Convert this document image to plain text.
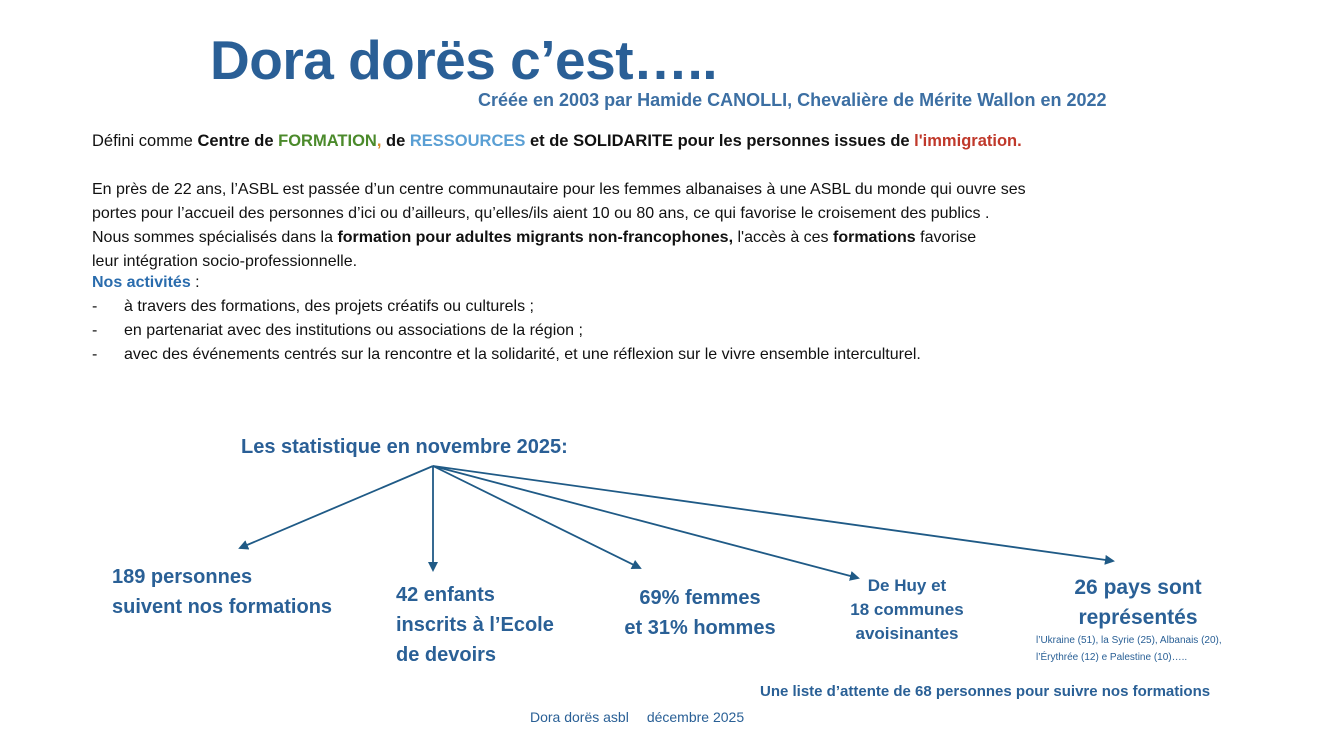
Dora dorës c’est…..
Créée en 2003 par Hamide CANOLLI, Chevalière de Mérite Wallon en 2022
Défini comme Centre de FORMATION, de RESSOURCES et de SOLIDARITE pour les personnes issues de l'immigration.
En près de 22 ans, l’ASBL est passée d’un centre communautaire pour les femmes albanaises à une ASBL du monde qui ouvre ses
portes pour l’accueil des personnes d’ici ou d’ailleurs, qu’elles/ils aient 10 ou 80 ans, ce qui favorise le croisement des publics .
Nous sommes spécialisés dans la formation pour adultes migrants non-francophones, l'accès à ces formations favorise
leur intégration socio-professionnelle.
Nos activités :
- à travers des formations, des projets créatifs ou culturels ;
- en partenariat avec des institutions ou associations de la région ;
- avec des événements centrés sur la rencontre et la solidarité, et une réflexion sur le vivre ensemble interculturel.
Les statistique en novembre 2025:
189 personnes
suivent nos formations
42 enfants
inscrits à l’Ecole
de devoirs
69% femmes
et 31% hommes
De Huy et
18 communes
avoisinantes
26 pays sont
représentés
l’Ukraine (51), la Syrie (25), Albanais (20),
l’Érythrée (12) e Palestine (10)…..
Une liste d’attente de 68 personnes pour suivre nos formations
Dora dorës asbl décembre 2025
